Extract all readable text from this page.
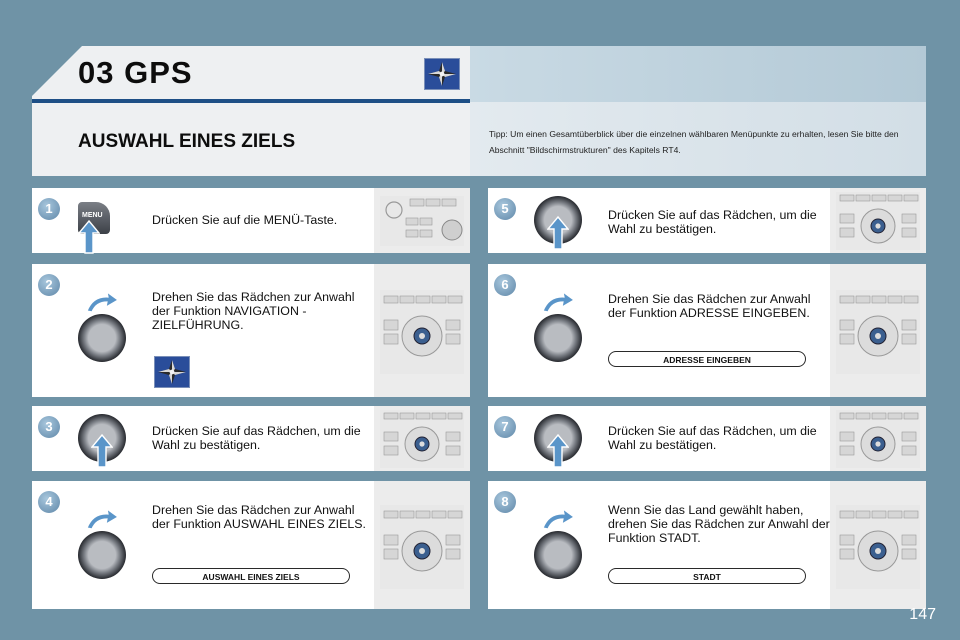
03 GPS
AUSWAHL EINES ZIELS	Tipp: Um einen Gesamtüberblick über die einzelnen wählbaren Menüpunkte zu erhalten, lesen Sie bitte den Abschnitt "Bildschirmstrukturen" des Kapitels RT4.
1	MENU	Drücken Sie auf die MENÜ-Taste.
2
Drehen Sie das Rädchen zur Anwahl der Funktion NAVIGATION - ZIELFÜHRUNG.
3	Drücken Sie auf das Rädchen, um die Wahl zu bestätigen.
4
Drehen Sie das Rädchen zur Anwahl der Funktion AUSWAHL EINES ZIELS.
AUSWAHL EINES ZIELS
5	Drücken Sie auf das Rädchen, um die Wahl zu bestätigen.
6
Drehen Sie das Rädchen zur Anwahl der Funktion ADRESSE EINGEBEN.
ADRESSE EINGEBEN
7	Drücken Sie auf das Rädchen, um die Wahl zu bestätigen.
8
Wenn Sie das Land gewählt haben, drehen Sie das Rädchen zur Anwahl der Funktion STADT.
STADT
147
